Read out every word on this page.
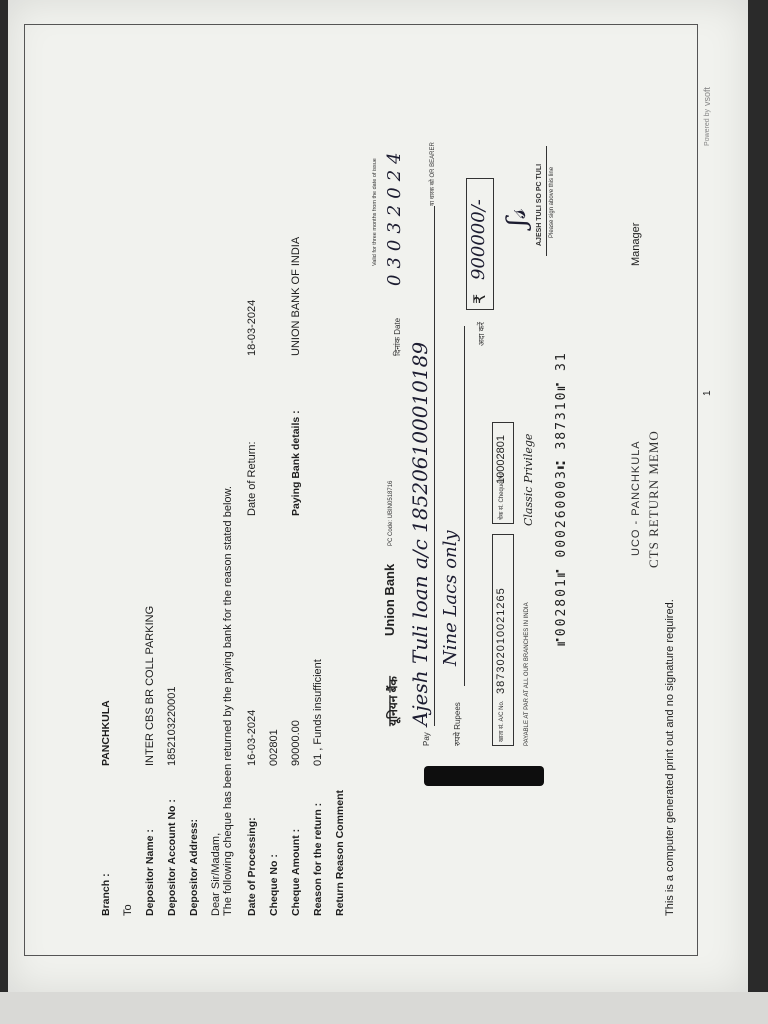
UCO - PANCHKULA CTS RETURN MEMO
Branch :
PANCHKULA
To Depositor Name :
INTER CBS BR COLL PARKING
Depositor Account No :
1852103220001
Depositor Address: Dear Sir/Madam, The following cheque has been returned by the paying bank for the reason stated below. Date of Processing:
16-03-2024
Date of Return:
18-03-2024
Cheque No :
002801
Cheque Amount :
90000.00
Paying Bank details :
UNION BANK OF INDIA
Reason for the return :
01 , Funds insufficient
Return Reason Comment
यूनियन बैंक
Union Bank
PC Code: UBIN0518716
Valid for three months from the date of issue
दिनांक Date
03032024
Pay
Ajesh Tuli loan a/c 185206100010189
या धारक को OR BEARER
रुपये Rupees
Nine Lacs only
अदा करें
₹
900000/-
खाता सं. A/C No.
387302010021265
चेक सं. Cheque No
10002801
PAYABLE AT PAR AT ALL OUR BRANCHES IN INDIA
Classic Privilege
ʃ𝓈 AJESH TULI SO PC TULI Please sign above this line
⑈002801⑈ 000260003⑆ 387310⑈ 31
Manager
This is a computer generated print out and no signature required.
1
Powered by
vsoft
